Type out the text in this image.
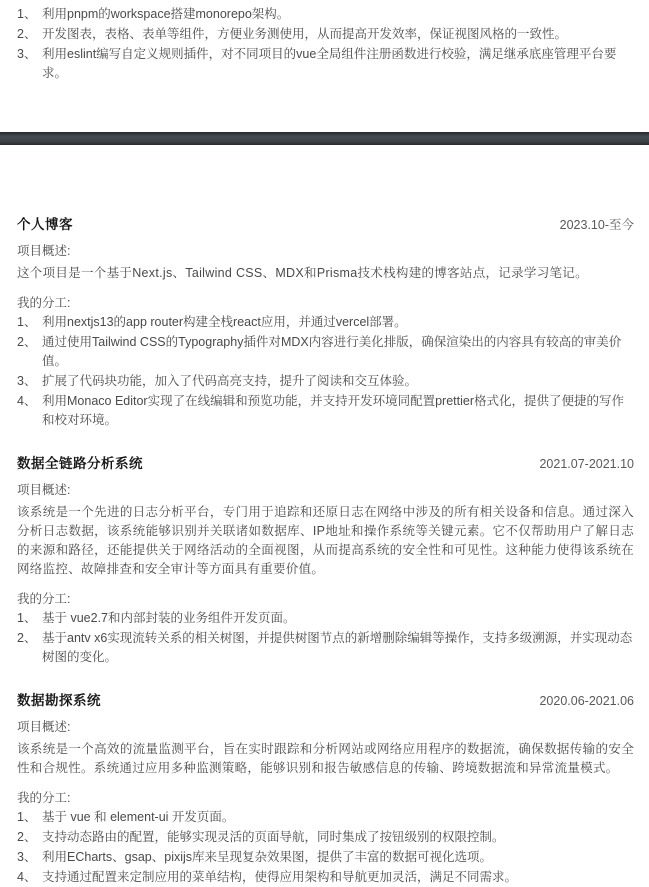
利用pnpm的workspace搭建monorepo架构。
开发图表，表格、表单等组件，方便业务测使用，从而提高开发效率，保证视图风格的一致性。
利用eslint编写自定义规则插件，对不同项目的vue全局组件注册函数进行校验，满足继承底座管理平台要求。
个人博客	2023.10-至今
项目概述:

这个项目是一个基于Next.js、Tailwind CSS、MDX和Prisma技术栈构建的博客站点，记录学习笔记。

我的分工:
利用nextjs13的app router构建全栈react应用，并通过vercel部署。
通过使用Tailwind CSS的Typography插件对MDX内容进行美化排版，确保渲染出的内容具有较高的审美价值。
扩展了代码块功能，加入了代码高亮支持，提升了阅读和交互体验。
利用Monaco Editor实现了在线编辑和预览功能，并支持开发环境同配置prettier格式化，提供了便捷的写作和校对环境。
数据全链路分析系统	2021.07-2021.10
项目概述:

该系统是一个先进的日志分析平台，专门用于追踪和还原日志在网络中涉及的所有相关设备和信息。通过深入分析日志数据，该系统能够识别并关联诸如数据库、IP地址和操作系统等关键元素。它不仅帮助用户了解日志的来源和路径，还能提供关于网络活动的全面视图，从而提高系统的安全性和可见性。这种能力使得该系统在网络监控、故障排查和安全审计等方面具有重要价值。

我的分工:
基于 vue2.7和内部封装的业务组件开发页面。
基于antv x6实现流转关系的相关树图，并提供树图节点的新增删除编辑等操作，支持多级溯源，并实现动态树图的变化。
数据勘探系统	2020.06-2021.06
项目概述:

该系统是一个高效的流量监测平台，旨在实时跟踪和分析网站或网络应用程序的数据流，确保数据传输的安全性和合规性。系统通过应用多种监测策略，能够识别和报告敏感信息的传输、跨境数据流和异常流量模式。

我的分工:
基于 vue 和 element-ui 开发页面。
支持动态路由的配置，能够实现灵活的页面导航，同时集成了按钮级别的权限控制。
利用ECharts、gsap、pixijs库来呈现复杂效果图，提供了丰富的数据可视化选项。
支持通过配置来定制应用的菜单结构，使得应用架构和导航更加灵活，满足不同需求。
